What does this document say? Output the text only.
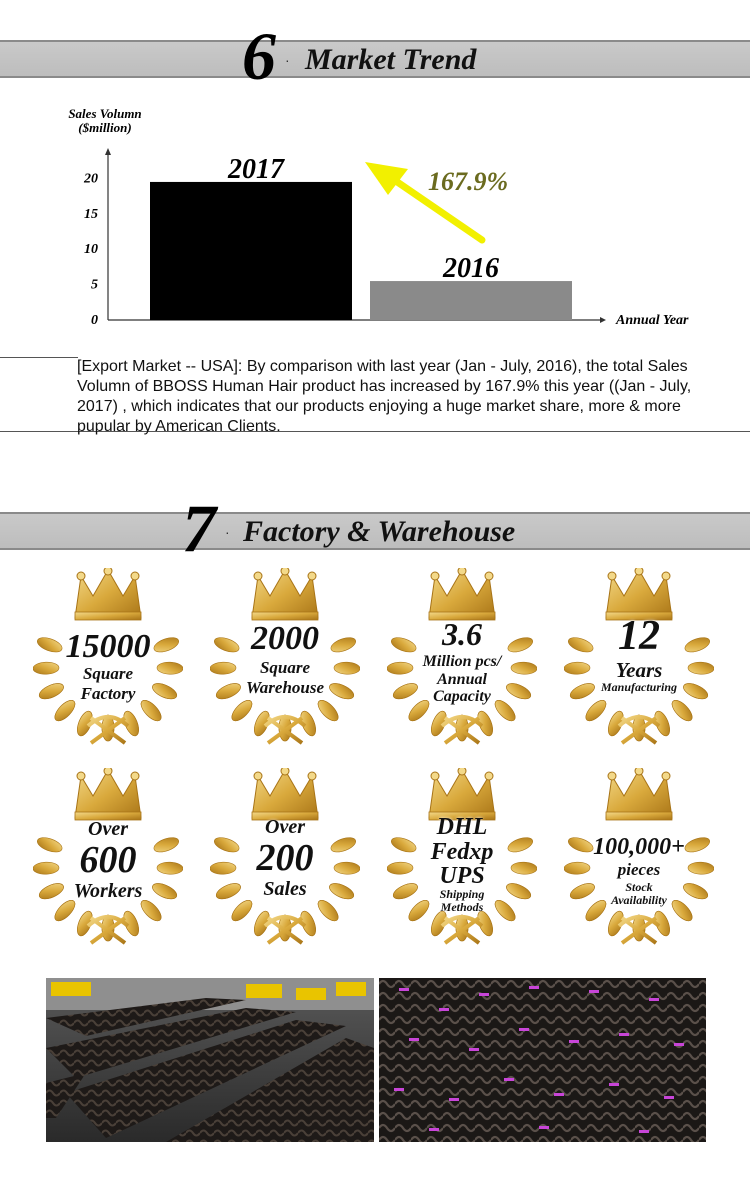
6 · Market Trend
Sales Volumn
($million)
Annual Year
0
5
10
15
20	2017
2016
167.9%

[Export Market -- USA]: By comparison with last year (Jan - July, 2016), the total Sales Volumn of BBOSS Human Hair product has increased by 167.9% this year ((Jan - July, 2017) , which indicates that our products enjoying a huge market share, more & more pupular by American Clients.

7 · Factory & Warehouse
15000
Square
Factory
2000
Square
Warehouse
3.6
Million pcs/
Annual
Capacity
12
Years
Manufacturing
Over
600
Workers
Over
200
Sales
DHL
Fedxp
UPS
Shipping
Methods
100,000+
pieces
Stock
Availability
